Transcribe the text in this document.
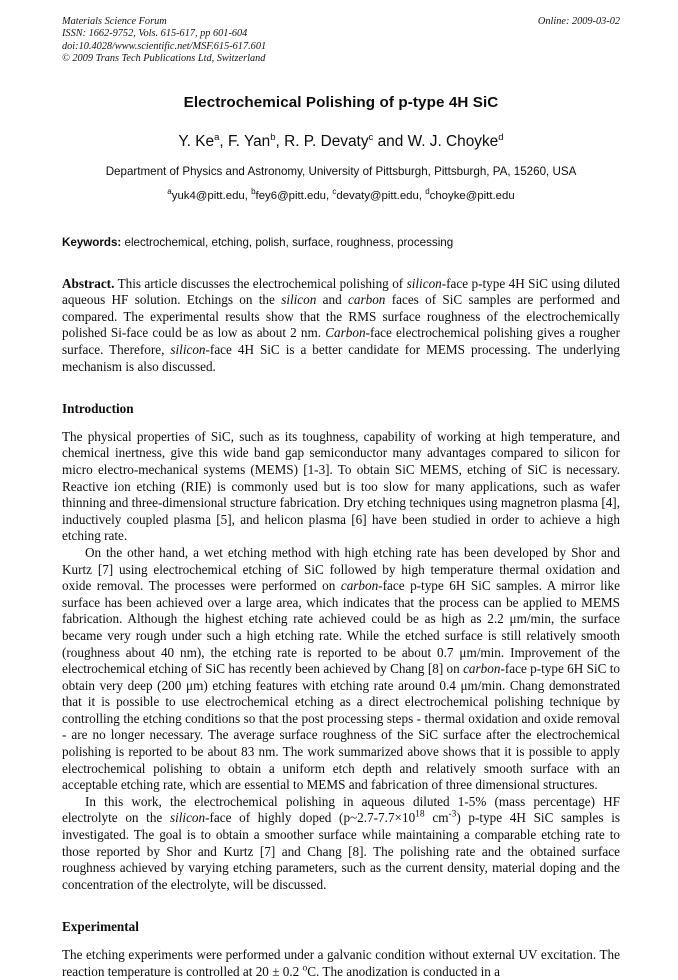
Materials Science Forum
ISSN: 1662-9752, Vols. 615-617, pp 601-604
doi:10.4028/www.scientific.net/MSF.615-617.601
© 2009 Trans Tech Publications Ltd, Switzerland
Online: 2009-03-02
Electrochemical Polishing of p-type 4H SiC
Y. Ke$^a$, F. Yan$^b$, R. P. Devaty$^c$ and W. J. Choyke$^d$
Department of Physics and Astronomy, University of Pittsburgh, Pittsburgh, PA, 15260, USA
$^a$yuk4@pitt.edu, $^b$fey6@pitt.edu, $^c$devaty@pitt.edu, $^d$choyke@pitt.edu
Keywords: electrochemical, etching, polish, surface, roughness, processing
Abstract. This article discusses the electrochemical polishing of silicon-face p-type 4H SiC using diluted aqueous HF solution. Etchings on the silicon and carbon faces of SiC samples are performed and compared. The experimental results show that the RMS surface roughness of the electrochemically polished Si-face could be as low as about 2 nm. Carbon-face electrochemical polishing gives a rougher surface. Therefore, silicon-face 4H SiC is a better candidate for MEMS processing. The underlying mechanism is also discussed.
Introduction
The physical properties of SiC, such as its toughness, capability of working at high temperature, and chemical inertness, give this wide band gap semiconductor many advantages compared to silicon for micro electro-mechanical systems (MEMS) [1-3]. To obtain SiC MEMS, etching of SiC is necessary. Reactive ion etching (RIE) is commonly used but is too slow for many applications, such as wafer thinning and three-dimensional structure fabrication. Dry etching techniques using magnetron plasma [4], inductively coupled plasma [5], and helicon plasma [6] have been studied in order to achieve a high etching rate.
On the other hand, a wet etching method with high etching rate has been developed by Shor and Kurtz [7] using electrochemical etching of SiC followed by high temperature thermal oxidation and oxide removal. The processes were performed on carbon-face p-type 6H SiC samples. A mirror like surface has been achieved over a large area, which indicates that the process can be applied to MEMS fabrication. Although the highest etching rate achieved could be as high as 2.2 μm/min, the surface became very rough under such a high etching rate. While the etched surface is still relatively smooth (roughness about 40 nm), the etching rate is reported to be about 0.7 μm/min. Improvement of the electrochemical etching of SiC has recently been achieved by Chang [8] on carbon-face p-type 6H SiC to obtain very deep (200 μm) etching features with etching rate around 0.4 μm/min. Chang demonstrated that it is possible to use electrochemical etching as a direct electrochemical polishing technique by controlling the etching conditions so that the post processing steps - thermal oxidation and oxide removal - are no longer necessary. The average surface roughness of the SiC surface after the electrochemical polishing is reported to be about 83 nm. The work summarized above shows that it is possible to apply electrochemical polishing to obtain a uniform etch depth and relatively smooth surface with an acceptable etching rate, which are essential to MEMS and fabrication of three dimensional structures.
In this work, the electrochemical polishing in aqueous diluted 1-5% (mass percentage) HF electrolyte on the silicon-face of highly doped ($p\sim 2.7-7.7\times 10^{18}$ $cm^{-3}$) p-type 4H SiC samples is investigated. The goal is to obtain a smoother surface while maintaining a comparable etching rate to those reported by Shor and Kurtz [7] and Chang [8]. The polishing rate and the obtained surface roughness achieved by varying etching parameters, such as the current density, material doping and the concentration of the electrolyte, will be discussed.
Experimental
The etching experiments were performed under a galvanic condition without external UV excitation. The reaction temperature is controlled at 20 ± 0.2 $^o$C. The anodization is conducted in a
